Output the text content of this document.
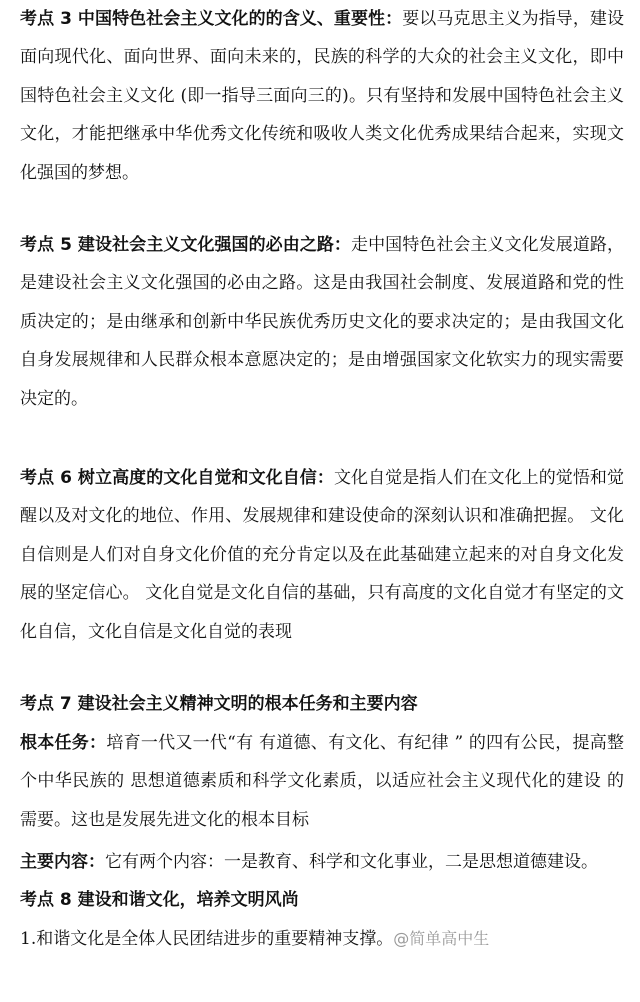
考点 3 中国特色社会主义文化的的含义、重要性：要以马克思主义为指导，建设面向现代化、面向世界、面向未来的，民族的科学的大众的社会主义文化，即中国特色社会主义文化 (即一指导三面向三的)。只有坚持和发展中国特色社会主义文化，才能把继承中华优秀文化传统和吸收人类文化优秀成果结合起来，实现文化强国的梦想。

考点 5 建设社会主义文化强国的必由之路：走中国特色社会主义文化发展道路，是建设社会主义文化强国的必由之路。这是由我国社会制度、发展道路和党的性质决定的；是由继承和创新中华民族优秀历史文化的要求决定的；是由我国文化自身发展规律和人民群众根本意愿决定的；是由增强国家文化软实力的现实需要决定的。

考点 6 树立高度的文化自觉和文化自信：文化自觉是指人们在文化上的觉悟和觉醒以及对文化的地位、作用、发展规律和建设使命的深刻认识和准确把握。 文化自信则是人们对自身文化价值的充分肯定以及在此基础建立起来的对自身文化发展的坚定信心。 文化自觉是文化自信的基础，只有高度的文化自觉才有坚定的文化自信，文化自信是文化自觉的表现

考点 7 建设社会主义精神文明的根本任务和主要内容

根本任务：培育一代又一代“有 有道德、有文化、有纪律 ” 的四有公民，提高整个中华民族的 思想道德素质和科学文化素质，以适应社会主义现代化的建设 的需要。这也是发展先进文化的根本目标

主要内容：它有两个内容：一是教育、科学和文化事业，二是思想道德建设。

考点 8 建设和谐文化，培养文明风尚

1.和谐文化是全体人民团结进步的重要精神支撑。@简单高中生
